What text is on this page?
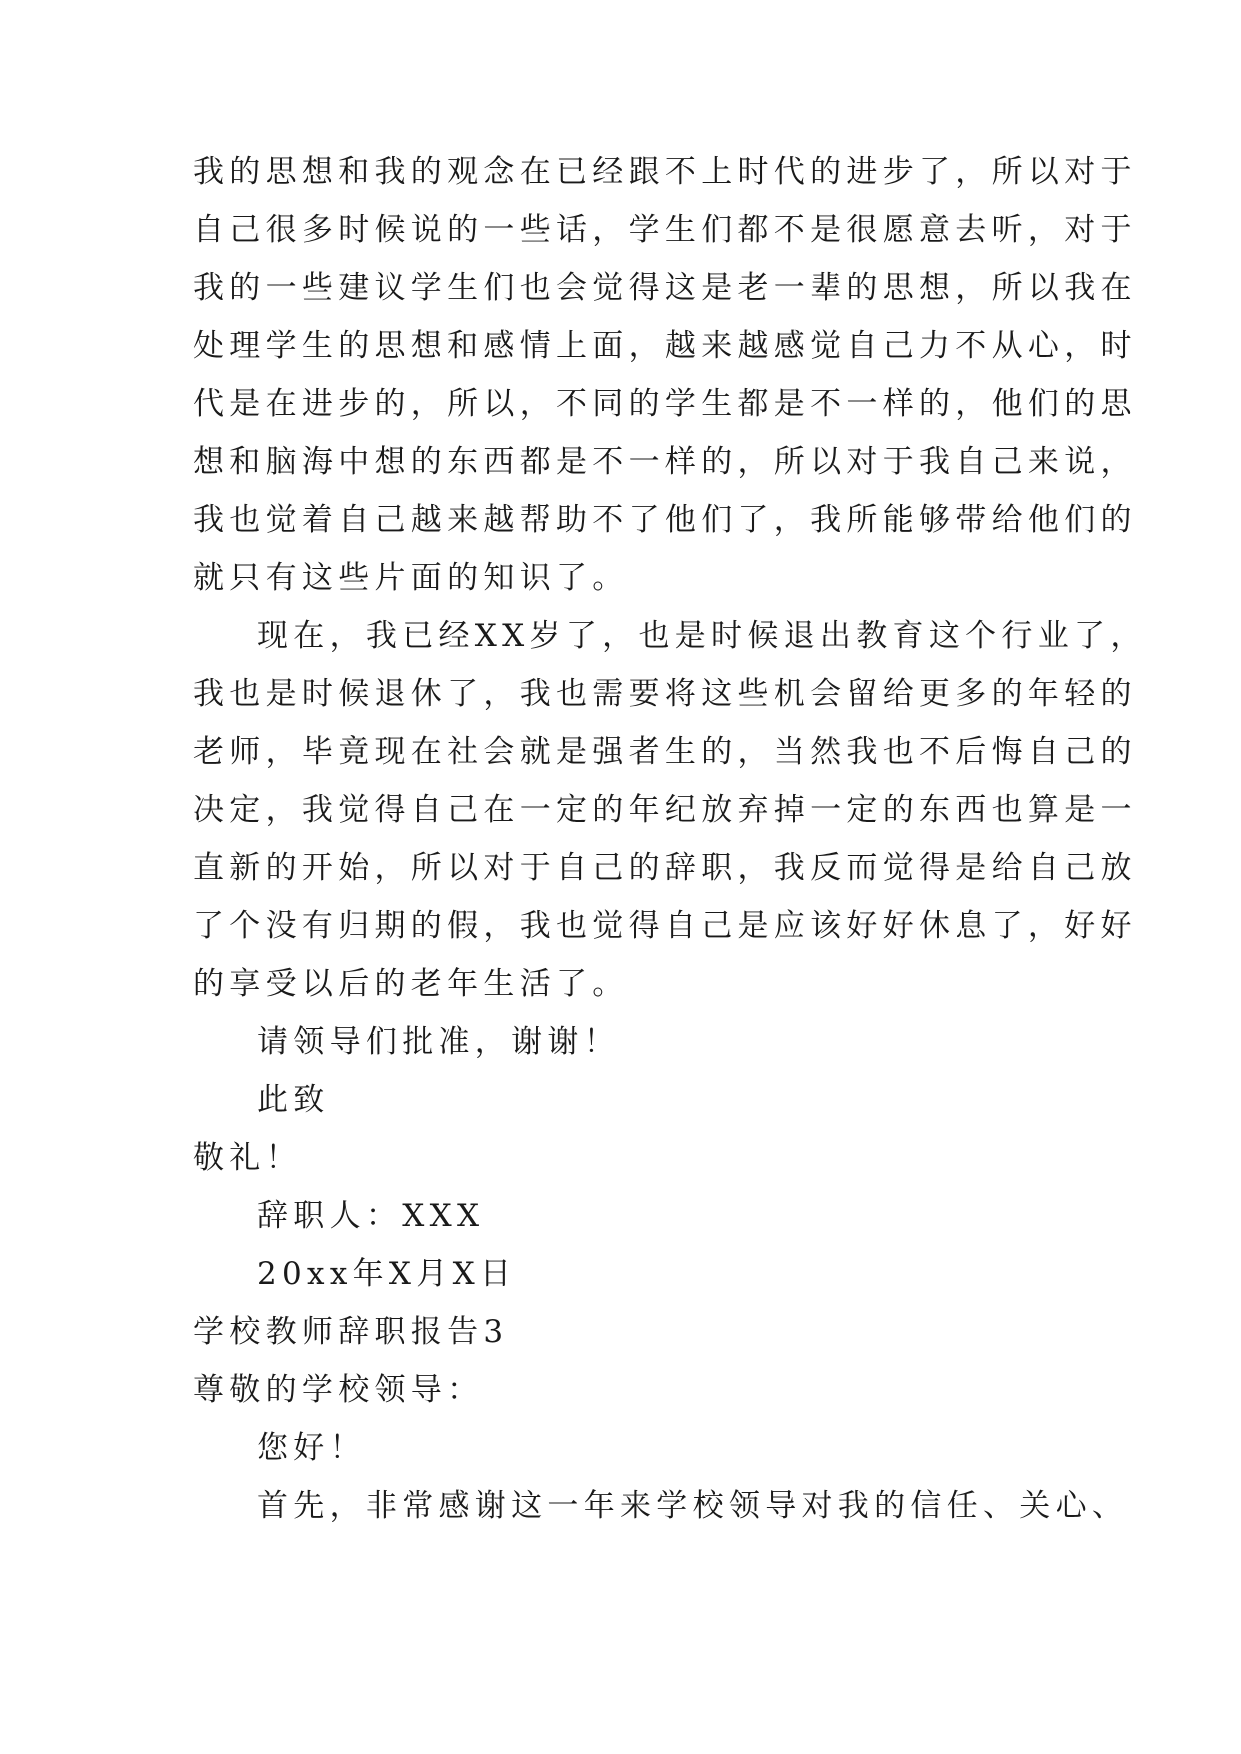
我的思想和我的观念在已经跟不上时代的进步了，所以对于
自己很多时候说的一些话，学生们都不是很愿意去听，对于
我的一些建议学生们也会觉得这是老一辈的思想，所以我在
处理学生的思想和感情上面，越来越感觉自己力不从心，时
代是在进步的，所以，不同的学生都是不一样的，他们的思
想和脑海中想的东西都是不一样的，所以对于我自己来说，
我也觉着自己越来越帮助不了他们了，我所能够带给他们的
就只有这些片面的知识了。
现在，我已经XX岁了，也是时候退出教育这个行业了，
我也是时候退休了，我也需要将这些机会留给更多的年轻的
老师，毕竟现在社会就是强者生的，当然我也不后悔自己的
决定，我觉得自己在一定的年纪放弃掉一定的东西也算是一
直新的开始，所以对于自己的辞职，我反而觉得是给自己放
了个没有归期的假，我也觉得自己是应该好好休息了，好好
的享受以后的老年生活了。
请领导们批准，谢谢！
此致
敬礼！
辞职人：XXX
20xx年X月X日
学校教师辞职报告3
尊敬的学校领导：
您好！
首先，非常感谢这一年来学校领导对我的信任、关心、
